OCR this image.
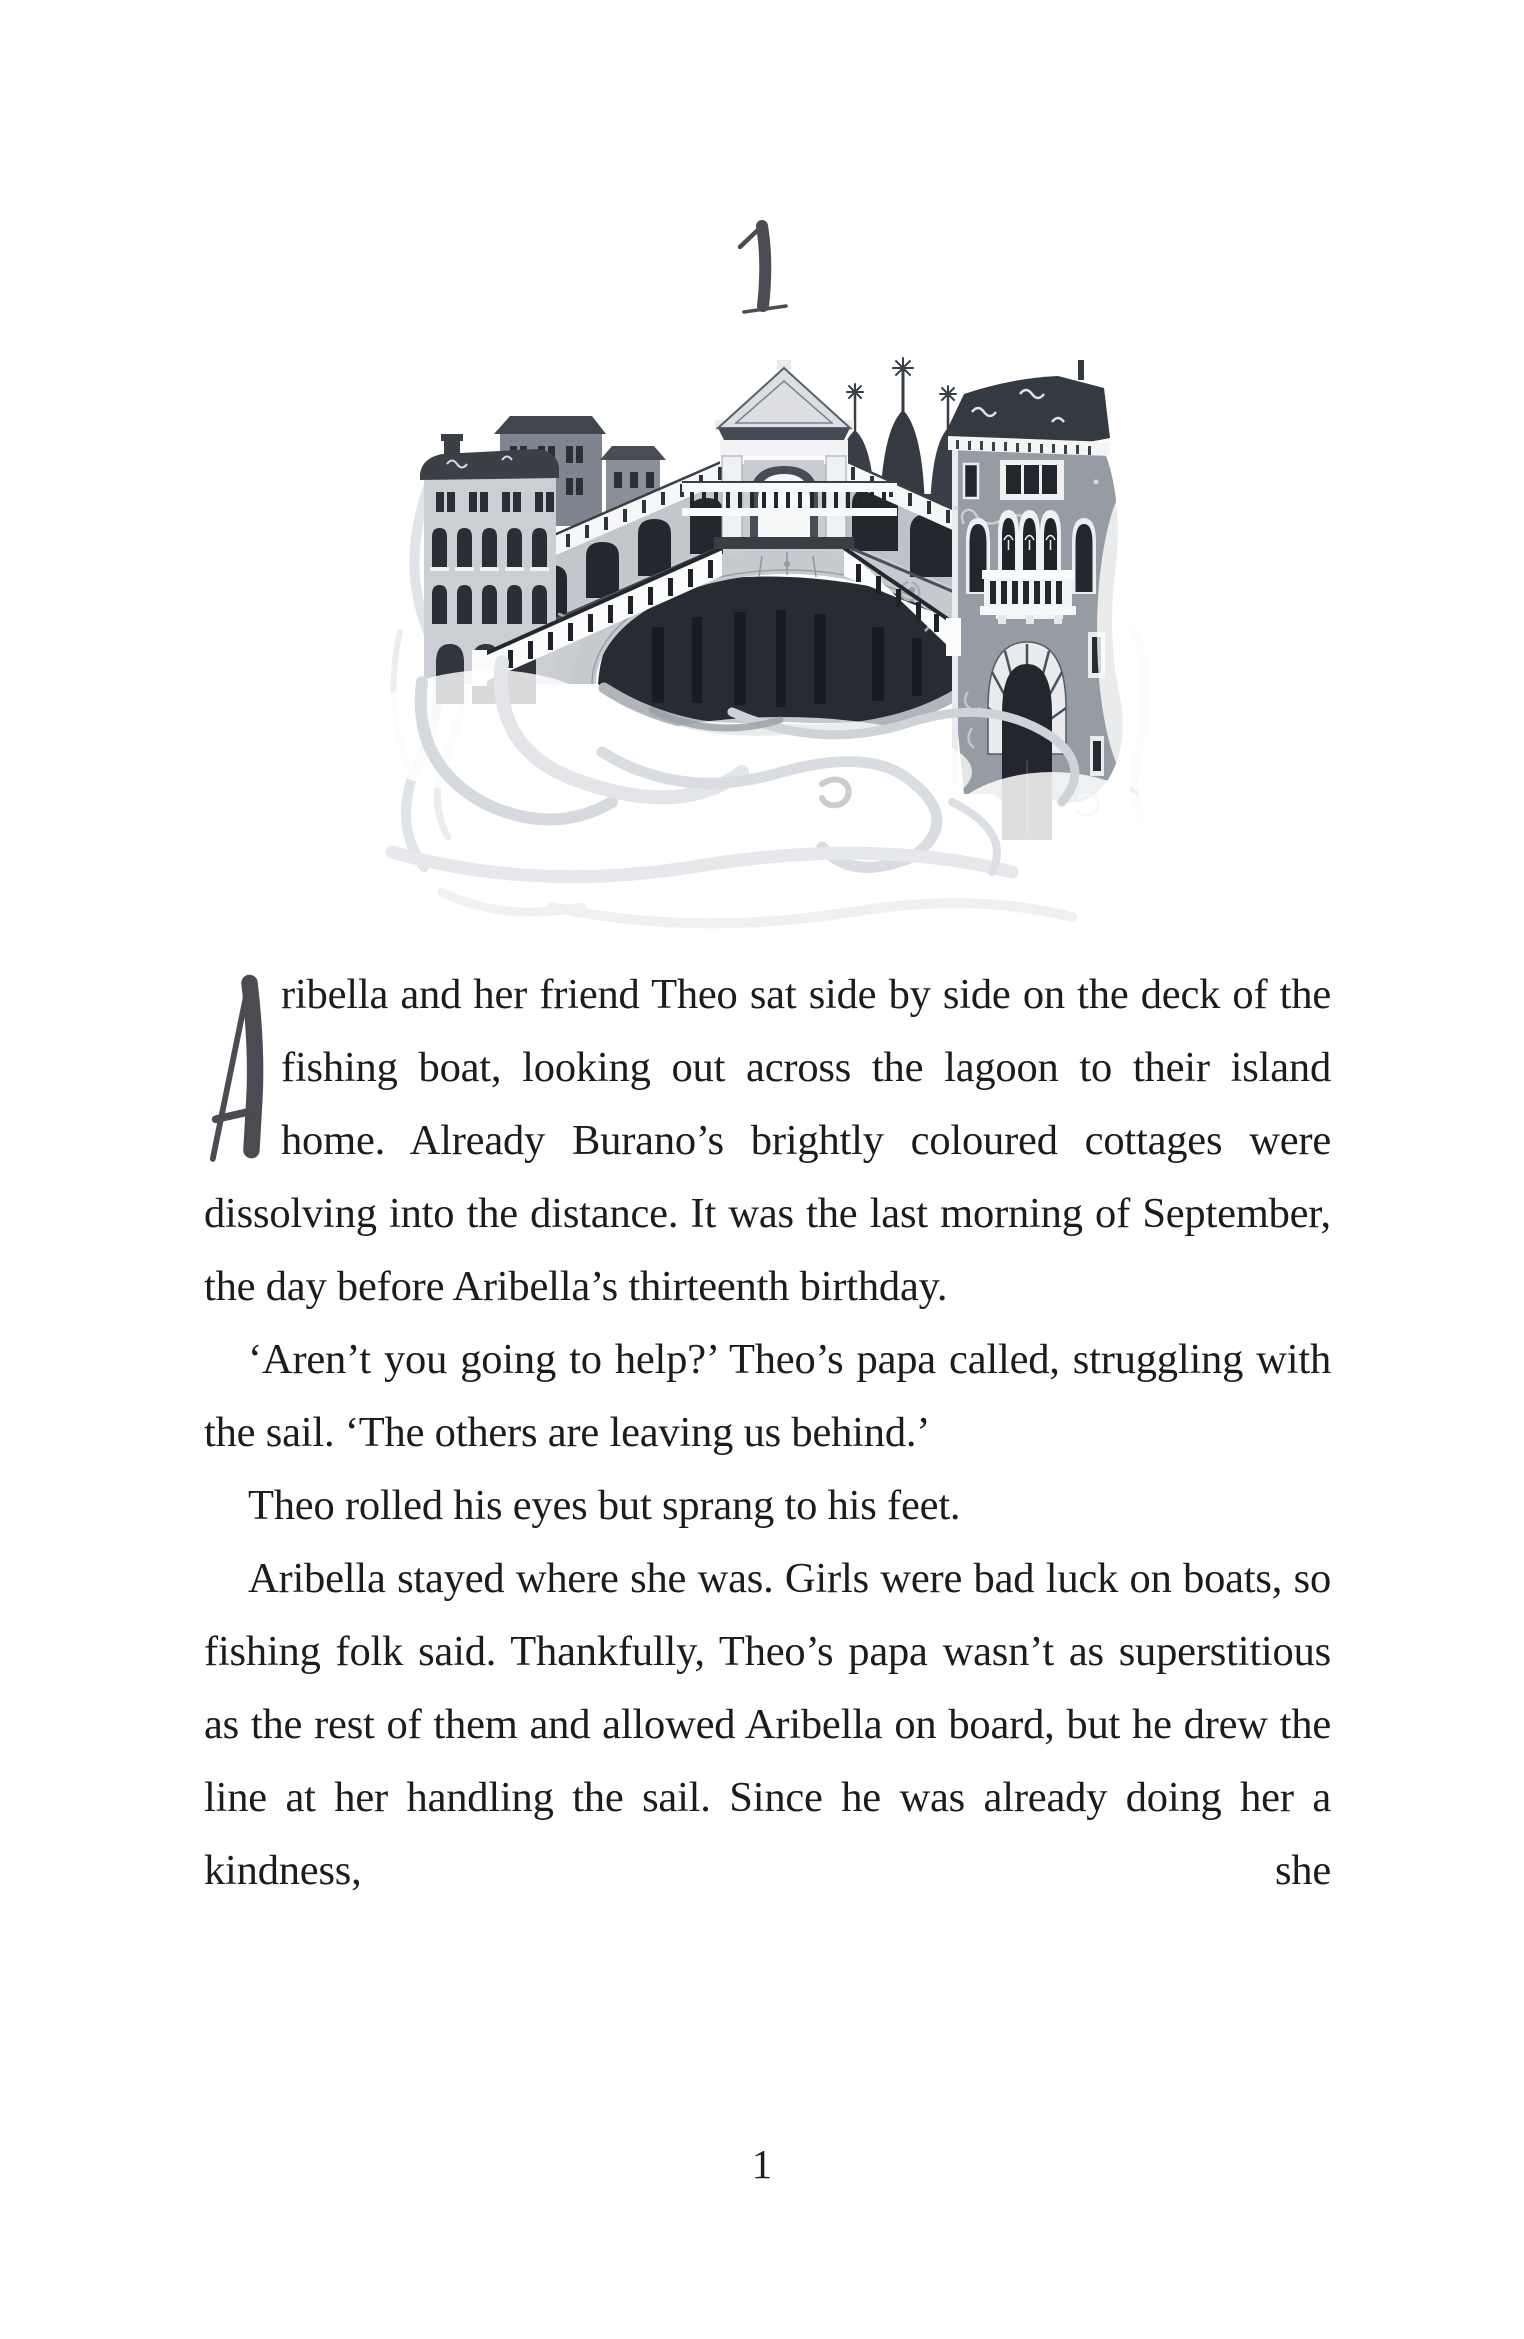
ribella and her friend Theo sat side by side on the deck of the fishing boat, looking out across the lagoon to their island home. Already Burano’s brightly coloured cottages were dissolving into the distance. It was the last morning of September, the day before Aribella’s thirteenth birthday.

‘Aren’t you going to help?’ Theo’s papa called, struggling with the sail. ‘The others are leaving us behind.’

Theo rolled his eyes but sprang to his feet.

Aribella stayed where she was. Girls were bad luck on boats, so fishing folk said. Thankfully, Theo’s papa wasn’t as superstitious as the rest of them and allowed Aribella on board, but he drew the line at her handling the sail. Since he was already doing her a kindness, she

1
